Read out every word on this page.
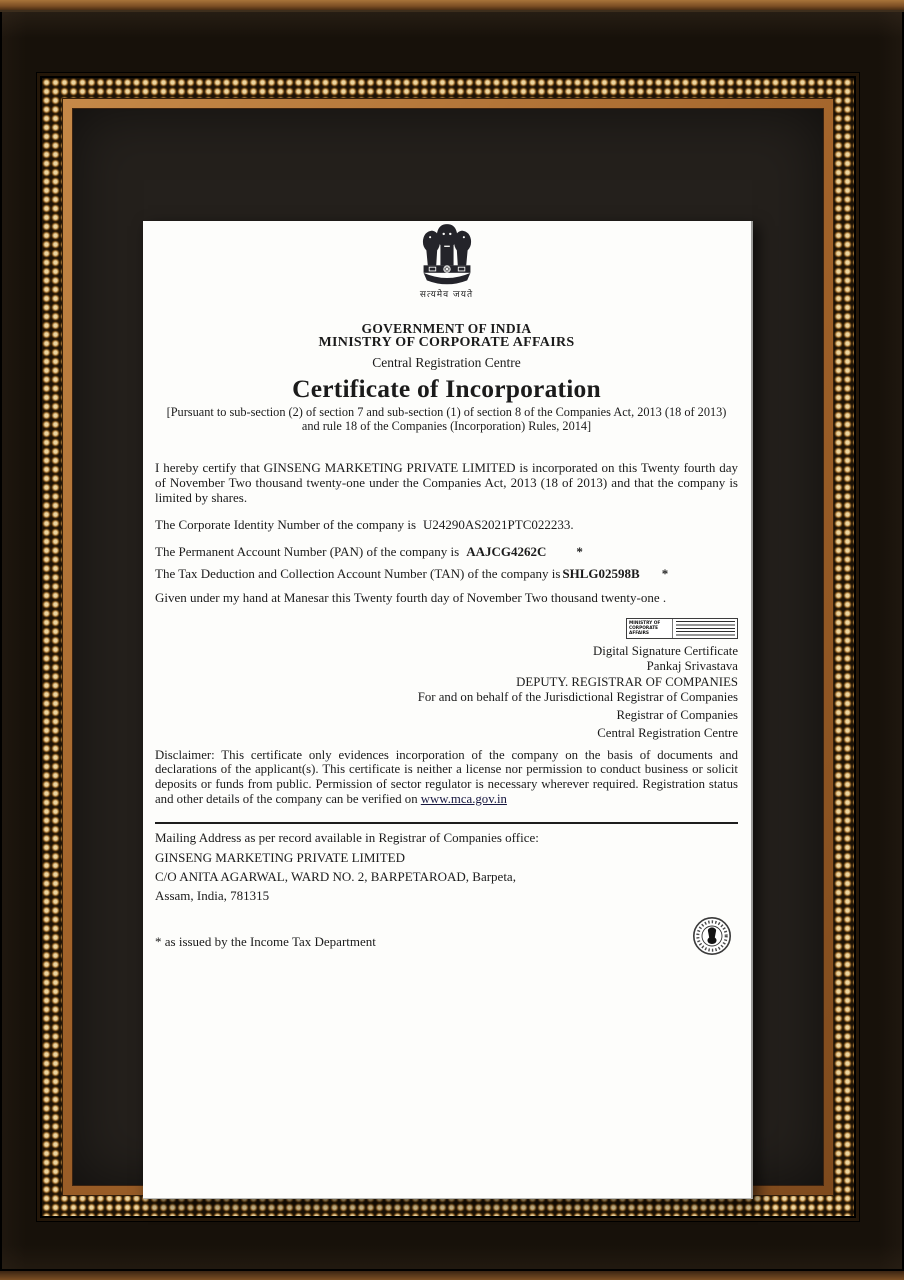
सत्यमेव जयते
GOVERNMENT OF INDIA
MINISTRY OF CORPORATE AFFAIRS
Central Registration Centre
Certificate of Incorporation
[Pursuant to sub-section (2) of section 7 and sub-section (1) of section 8 of the Companies Act, 2013 (18 of 2013) and rule 18 of the Companies (Incorporation) Rules, 2014]

I hereby certify that GINSENG MARKETING PRIVATE LIMITED is incorporated on this Twenty fourth day of November Two thousand twenty-one under the Companies Act, 2013 (18 of 2013) and that the company is limited by shares.

The Corporate Identity Number of the company is U24290AS2021PTC022233.
The Permanent Account Number (PAN) of the company is AAJCG4262C *
The Tax Deduction and Collection Account Number (TAN) of the company is SHLG02598B *
Given under my hand at Manesar this Twenty fourth day of November Two thousand twenty-one .
MINISTRY OF CORPORATE AFFAIRS
Digital Signature Certificate
Pankaj Srivastava
DEPUTY. REGISTRAR OF COMPANIES
For and on behalf of the Jurisdictional Registrar of Companies
Registrar of Companies
Central Registration Centre

Disclaimer: This certificate only evidences incorporation of the company on the basis of documents and declarations of the applicant(s). This certificate is neither a license nor permission to conduct business or solicit deposits or funds from public. Permission of sector regulator is necessary wherever required. Registration status and other details of the company can be verified on www.mca.gov.in

Mailing Address as per record available in Registrar of Companies office:
GINSENG MARKETING PRIVATE LIMITED
C/O ANITA AGARWAL, WARD NO. 2, BARPETAROAD, Barpeta,
Assam, India, 781315
* as issued by the Income Tax Department
